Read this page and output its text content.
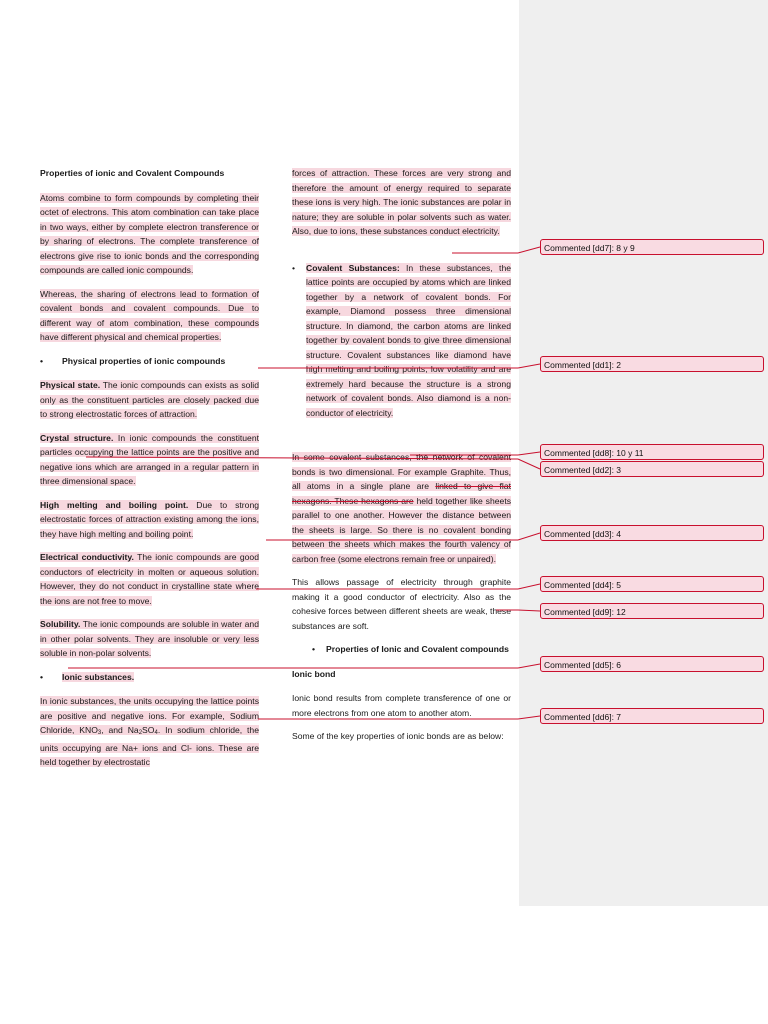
Properties of ionic and Covalent Compounds

Atoms combine to form compounds by completing their octet of electrons. This atom combination can take place in two ways, either by complete electron transference or by sharing of electrons. The complete transference of electrons give rise to ionic bonds and the corresponding compounds are called ionic compounds.

Whereas, the sharing of electrons lead to formation of covalent bonds and covalent compounds. Due to different way of atom combination, these compounds have different physical and chemical properties.

• Physical properties of ionic compounds

Physical state. The ionic compounds can exists as solid only as the constituent particles are closely packed due to strong electrostatic forces of attraction.

Crystal structure. In ionic compounds the constituent particles occupying the lattice points are the positive and negative ions which are arranged in a regular pattern in three dimensional space.

High melting and boiling point. Due to strong electrostatic forces of attraction existing among the ions, they have high melting and boiling point.

Electrical conductivity. The ionic compounds are good conductors of electricity in molten or aqueous solution. However, they do not conduct in crystalline state where the ions are not free to move.

Solubility. The ionic compounds are soluble in water and in other polar solvents. They are insoluble or very less soluble in non-polar solvents.

• Ionic substances.

In ionic substances, the units occupying the lattice points are positive and negative ions. For example, Sodium Chloride, $KNO_3$, and $Na_2SO_4$. In sodium chloride, the units occupying are Na+ ions and Cl- ions. These are held together by electrostatic

forces of attraction. These forces are very strong and therefore the amount of energy required to separate these ions is very high. The ionic substances are polar in nature; they are soluble in polar solvents such as water. Also, due to ions, these substances conduct electricity.

• Covalent Substances: In these substances, the lattice points are occupied by atoms which are linked together by a network of covalent bonds. For example, Diamond possess three dimensional structure. In diamond, the carbon atoms are linked together by covalent bonds to give three dimensional structure. Covalent substances like diamond have high melting and boiling points, low volatility and are extremely hard because the structure is a strong network of covalent bonds. Also diamond is a non-conductor of electricity.

In some covalent substances, the network of covalent bonds is two dimensional. For example Graphite. Thus, all atoms in a single plane are linked to give flat hexagons. These hexagons are held together like sheets parallel to one another. However the distance between the sheets is large. So there is no covalent bonding between the sheets which makes the fourth valency of carbon free (some electrons remain free or unpaired).

This allows passage of electricity through graphite making it a good conductor of electricity. Also as the cohesive forces between different sheets are weak, these substances are soft.

• Properties of Ionic and Covalent compounds
Ionic bond

Ionic bond results from complete transference of one or more electrons from one atom to another atom.

Some of the key properties of ionic bonds are as below:

Commented [dd7]: 8 y 9
Commented [dd1]: 2
Commented [dd8]: 10 y 11
Commented [dd2]: 3
Commented [dd3]: 4
Commented [dd4]: 5
Commented [dd9]: 12
Commented [dd5]: 6
Commented [dd6]: 7
